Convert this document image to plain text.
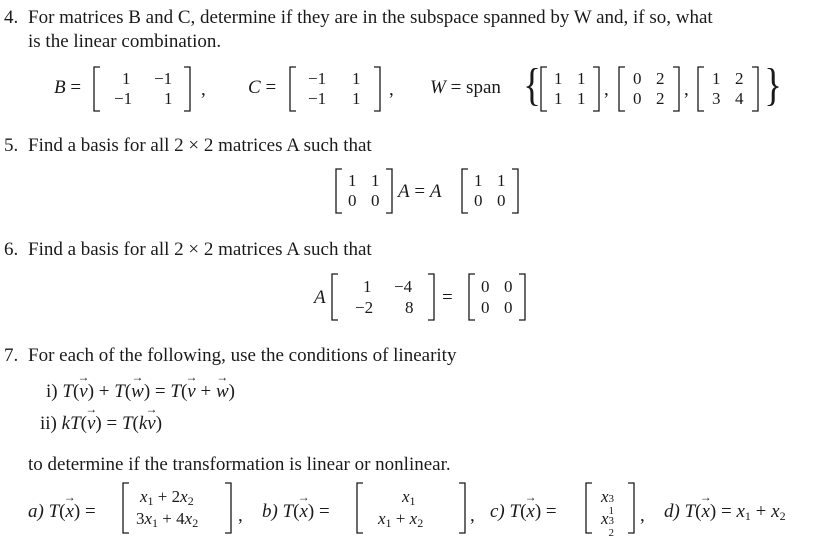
4. For matrices B and C, determine if they are in the subspace spanned by W and, if so, what
is the linear combination.
B = 1 −1
−1 1 , C = −1 1
−1 1 , W = span { 1 1
1 1 ,
0 2
0 2 ,
1 2
3 4 }
5. Find a basis for all 2 × 2 matrices A such that
1 1
0 0 A = A
1 1
0 0
6. Find a basis for all 2 × 2 matrices A such that
A
1 −4
−2 8 =
0 0
0 0
7. For each of the following, use the conditions of linearity
i) T(→ v) + T(→ w) = T(→ v + → w)
ii) kT(→ v) = T(k→ v)
to determine if the transformation is linear or nonlinear.
a) T(→ x) =
x1 + 2x2
3x1 + 4x2 , b) T(→ x) =
x1
x1 + x2 , c) T(→ x) =
x 3
1
x 3
2
, d) T(→ x) = x1 + x2
